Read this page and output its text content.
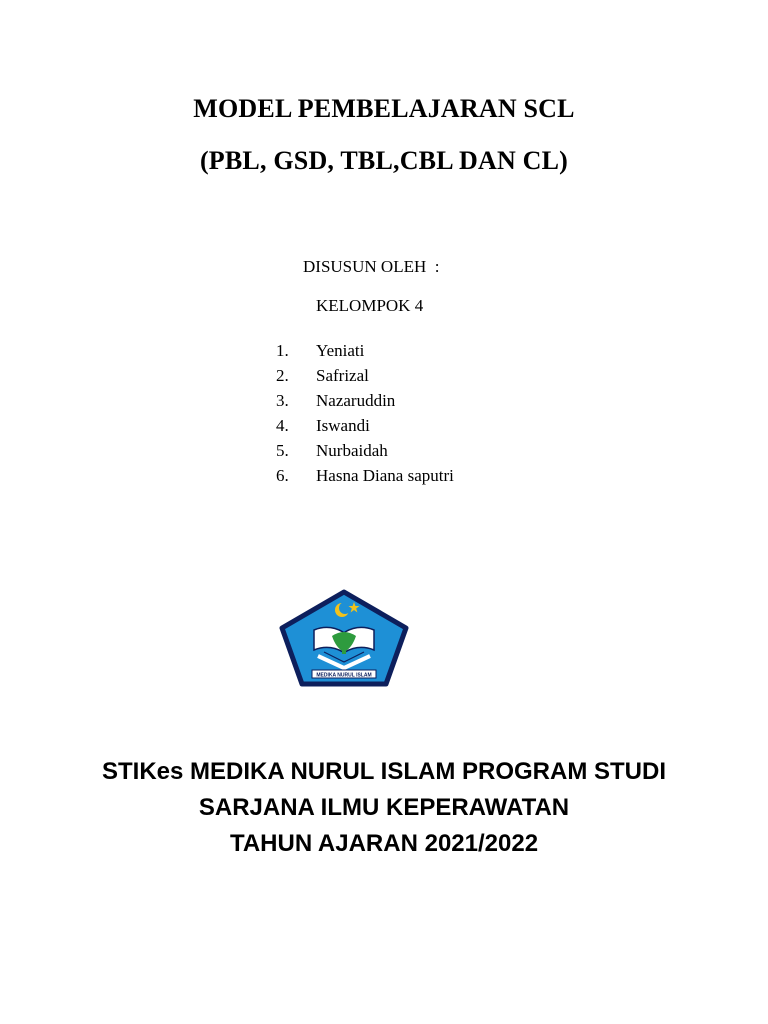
MODEL PEMBELAJARAN SCL
(PBL, GSD, TBL,CBL DAN CL)
DISUSUN OLEH  :
KELOMPOK 4
1. Yeniati
2. Safrizal
3. Nazaruddin
4. Iswandi
5. Nurbaidah
6. Hasna Diana saputri
MEDIKA NURUL ISLAM
STIKes MEDIKA NURUL ISLAM PROGRAM STUDI
SARJANA ILMU KEPERAWATAN
TAHUN AJARAN 2021/2022
